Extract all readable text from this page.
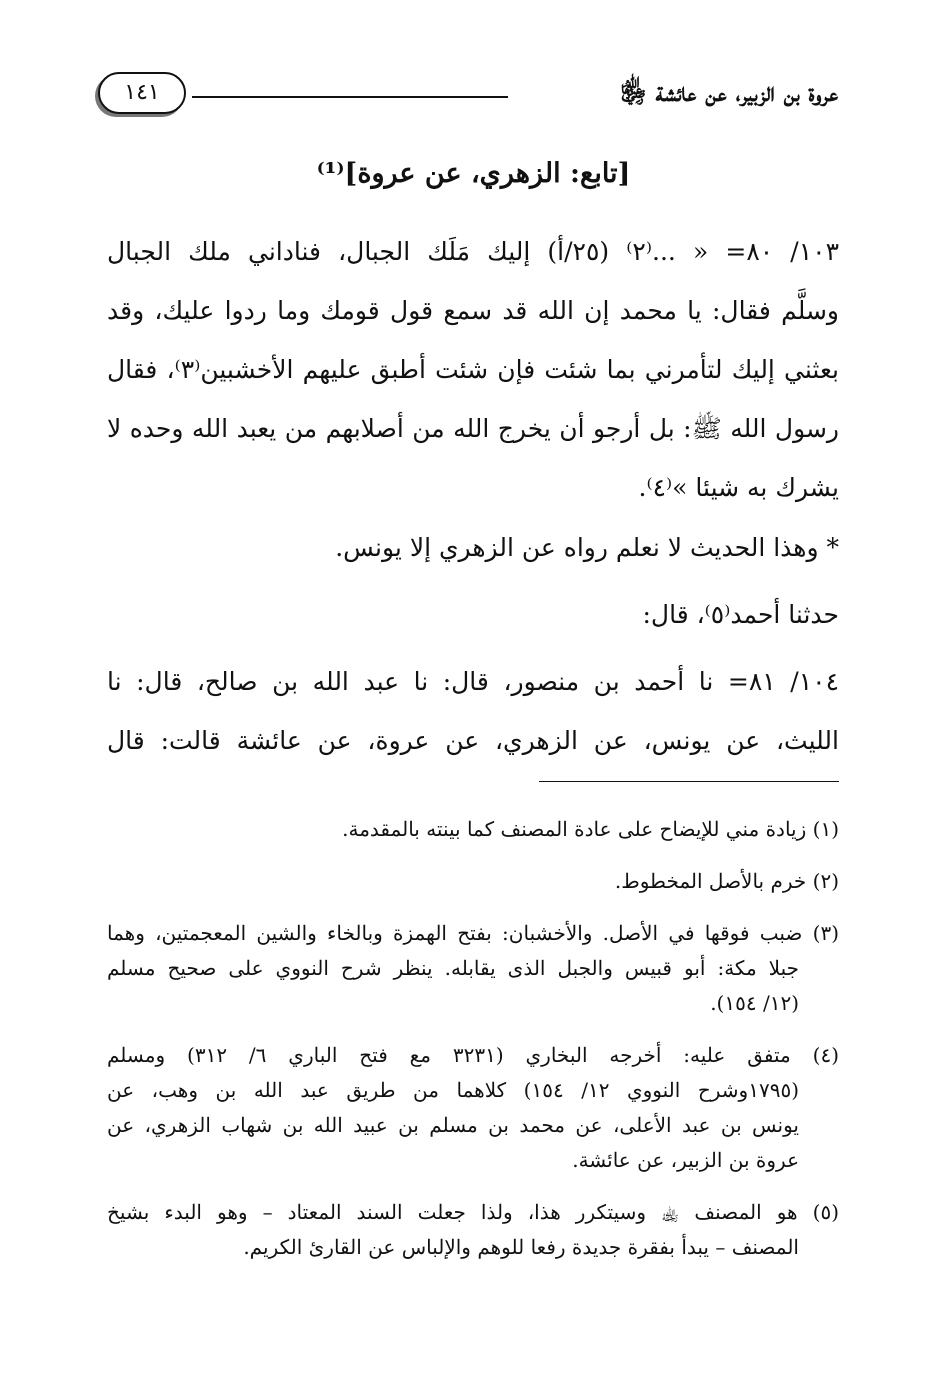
عروة بن الزبير، عن عائشة ﵂
١٤١
[تابع: الزهري، عن عروة]⁽¹⁾
١٠٣/ ٨٠= « ...⁽٢⁾ (٢٥/أ) إليك مَلَك الجبال، فناداني ملك الجبال
وسلَّم فقال: يا محمد إن الله قد سمع قول قومك وما ردوا عليك، وقد
بعثني إليك لتأمرني بما شئت فإن شئت أطبق عليهم الأخشبين⁽٣⁾، فقال
رسول الله ﷺ: بل أرجو أن يخرج الله من أصلابهم من يعبد الله وحده لا
يشرك به شيئا »⁽٤⁾.
* وهذا الحديث لا نعلم رواه عن الزهري إلا يونس.
حدثنا أحمد⁽٥⁾، قال:
١٠٤/ ٨١= نا أحمد بن منصور، قال: نا عبد الله بن صالح، قال: نا
الليث، عن يونس، عن الزهري، عن عروة، عن عائشة قالت: قال
(١) زيادة مني للإيضاح على عادة المصنف كما بينته بالمقدمة.
(٢) خرم بالأصل المخطوط.
(٣) ضبب فوقها في الأصل. والأخشبان: بفتح الهمزة وبالخاء والشين المعجمتين، وهما
جبلا مكة: أبو قبيس والجبل الذى يقابله. ينظر شرح النووي على صحيح مسلم
(١٢/ ١٥٤).
(٤) متفق عليه: أخرجه البخاري (٣٢٣١ مع فتح الباري ٦/ ٣١٢) ومسلم
(١٧٩٥وشرح النووي ١٢/ ١٥٤) كلاهما من طريق عبد الله بن وهب، عن
يونس بن عبد الأعلى، عن محمد بن مسلم بن عبيد الله بن شهاب الزهري، عن
عروة بن الزبير، عن عائشة.
(٥) هو المصنف ﵀ وسيتكرر هذا، ولذا جعلت السند المعتاد – وهو البدء بشيخ
المصنف – يبدأ بفقرة جديدة رفعا للوهم والإلباس عن القارئ الكريم.
